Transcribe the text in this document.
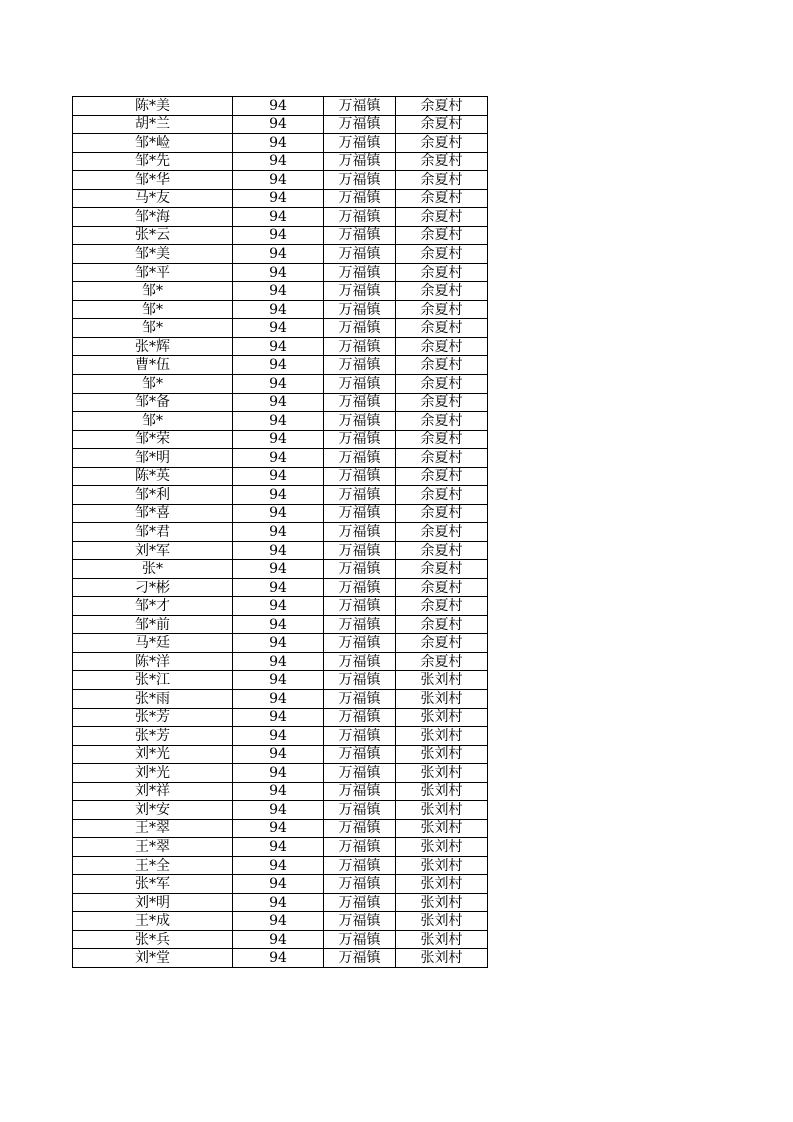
陈*美	94	万福镇	余夏村
胡*兰	94	万福镇	余夏村
邹*崄	94	万福镇	余夏村
邹*先	94	万福镇	余夏村
邹*华	94	万福镇	余夏村
马*友	94	万福镇	余夏村
邹*海	94	万福镇	余夏村
张*云	94	万福镇	余夏村
邹*美	94	万福镇	余夏村
邹*平	94	万福镇	余夏村
邹*	94	万福镇	余夏村
邹*	94	万福镇	余夏村
邹*	94	万福镇	余夏村
张*辉	94	万福镇	余夏村
曹*伍	94	万福镇	余夏村
邹*	94	万福镇	余夏村
邹*备	94	万福镇	余夏村
邹*	94	万福镇	余夏村
邹*荣	94	万福镇	余夏村
邹*明	94	万福镇	余夏村
陈*英	94	万福镇	余夏村
邹*利	94	万福镇	余夏村
邹*喜	94	万福镇	余夏村
邹*君	94	万福镇	余夏村
刘*军	94	万福镇	余夏村
张*	94	万福镇	余夏村
刁*彬	94	万福镇	余夏村
邹*才	94	万福镇	余夏村
邹*前	94	万福镇	余夏村
马*廷	94	万福镇	余夏村
陈*洋	94	万福镇	余夏村
张*江	94	万福镇	张刘村
张*雨	94	万福镇	张刘村
张*芳	94	万福镇	张刘村
张*芳	94	万福镇	张刘村
刘*光	94	万福镇	张刘村
刘*光	94	万福镇	张刘村
刘*祥	94	万福镇	张刘村
刘*安	94	万福镇	张刘村
王*翠	94	万福镇	张刘村
王*翠	94	万福镇	张刘村
王*全	94	万福镇	张刘村
张*军	94	万福镇	张刘村
刘*明	94	万福镇	张刘村
王*成	94	万福镇	张刘村
张*兵	94	万福镇	张刘村
刘*堂	94	万福镇	张刘村
